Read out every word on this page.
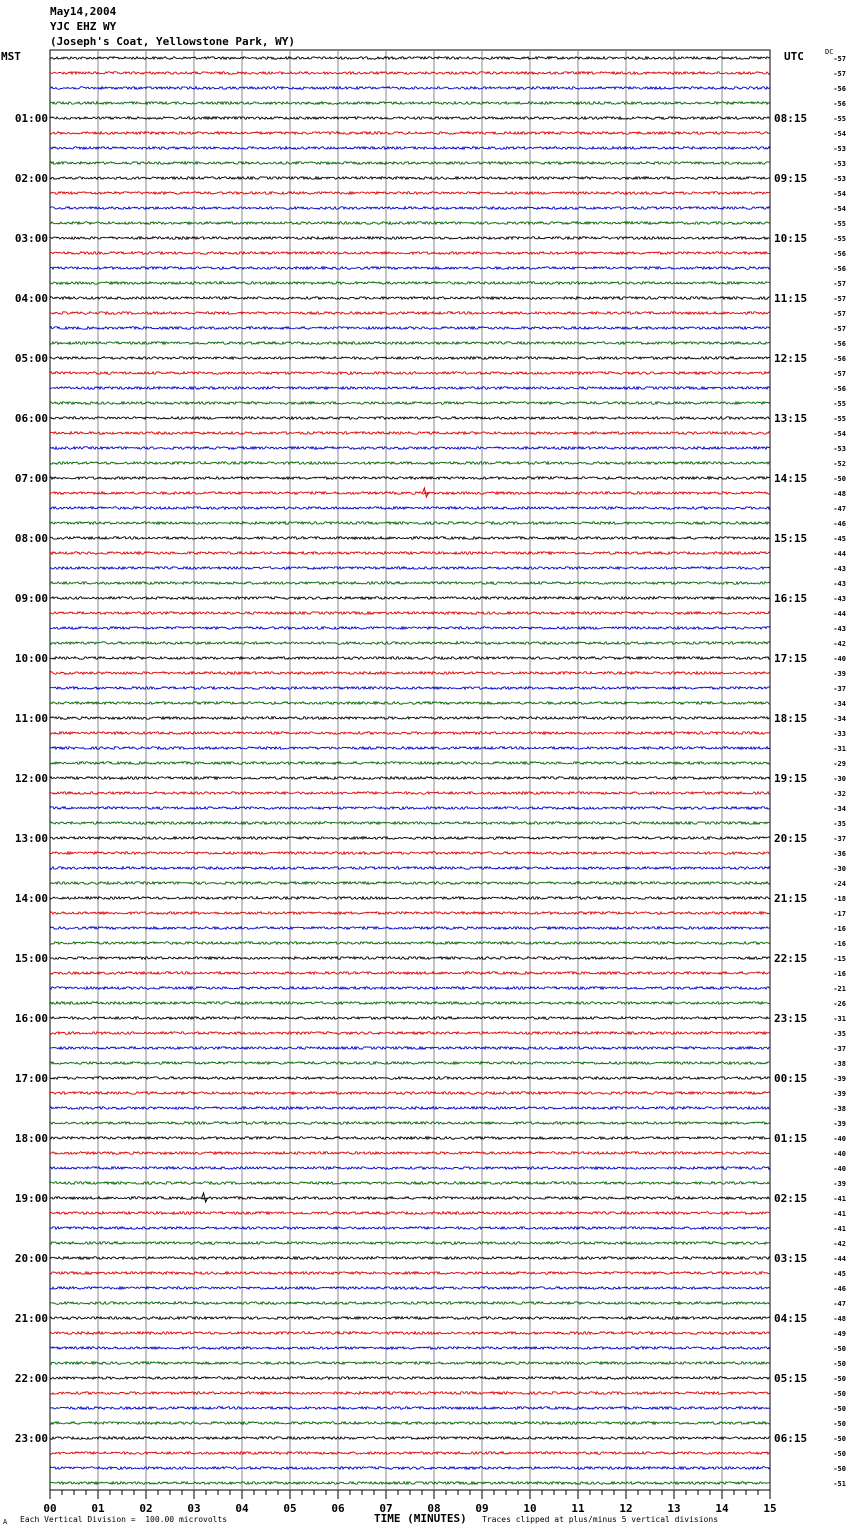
May14,2004
YJC EHZ WY
(Joseph's Coat, Yellowstone Park, WY)
MST	UTC	DC
-57
-57
-56
-56
-55
-54
-53
-53
-53
-54
-54
-55
-55
-56
-56
-57
-57
-57
-57
-56
-56
-57
-56
-55
-55
-54
-53
-52
-50
-48
-47
-46
-45
-44
-43
-43
-43
-44
-43
-42
-40
-39
-37
-34
-34
-33
-31
-29
-30
-32
-34
-35
-37
-36
-30
-24
-18
-17
-16
-16
-15
-16
-21
-26
-31
-35
-37
-38
-39
-39
-38
-39
-40
-40
-40
-39
-41
-41
-41
-42
-44
-45
-46
-47
-48
-49
-50
-50
-50
-50
-50
-50
-50
-50
-50
-51
01:00
02:00
03:00
04:00
05:00
06:00
07:00
08:00
09:00
10:00
11:00
12:00
13:00
14:00
15:00
16:00
17:00
18:00
19:00
20:00
21:00
22:00
23:00
08:15
09:15
10:15
11:15
12:15
13:15
14:15
15:15
16:15
17:15
18:15
19:15
20:15
21:15
22:15
23:15
00:15
01:15
02:15
03:15
04:15
05:15
06:15
00	01	02	03	04	05	06	07	08	09	10	11	12	13	14	15
A Each Vertical Division =  100.00 microvolts	TIME (MINUTES) Traces clipped at plus/minus 5 vertical divisions
